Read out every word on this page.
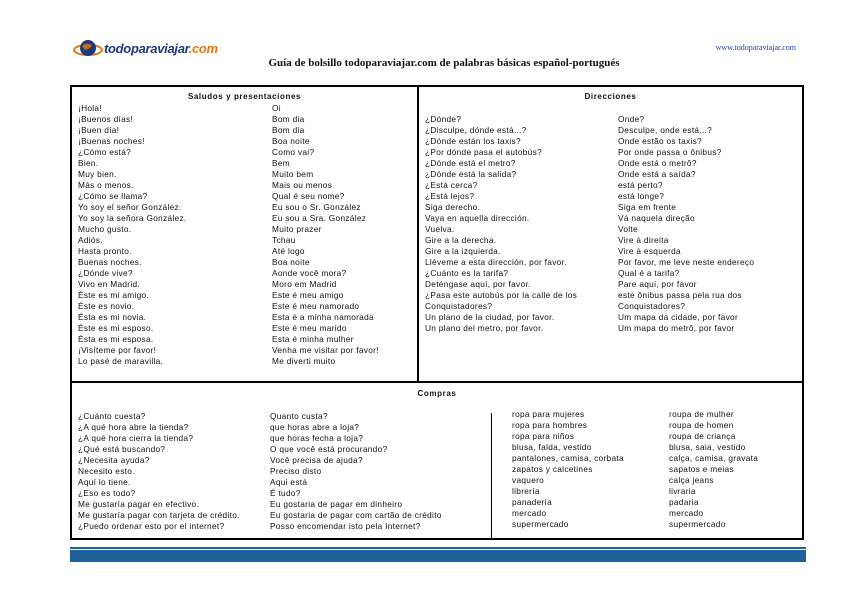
todoparaviajar.com	www.todoparaviajar.com
Guía de bolsillo todoparaviajar.com de palabras básicas español-portugués
Saludos y presentaciones	Direcciones
Compras
¡Hola!
¡Buenos días!
¡Buen día!
¡Buenas noches!
¿Cómo está?
Bien.
Muy bien.
Más o menos.
¿Cómo se llama?
Yo soy el señor González.
Yo soy la señora González.
Mucho gusto.
Adiós.
Hasta pronto.
Buenas noches.
¿Dónde vive?
Vivo en Madrid.
Éste es mi amigo.
Éste es novio.
Ésta es mi novia.
Éste es mi esposo.
Ésta es mi esposa.
¡Visíteme por favor!
Lo pasé de maravilla.
Oi
Bom dia
Bom dia
Boa noite
Como vai?
Bem
Muito bem
Mais ou menos
Qual é seu nome?
Eu sou o Sr. González
Eu sou a Sra. González
Muito prazer
Tchau
Até logo
Boa noite
Aonde você mora?
Moro em Madrid
Este é meu amigo
Este é meu namorado
Esta é a minha namorada
Este é meu marido
Esta é minha mulher
Venha me visitar por favor!
Me diverti muito
¿Dónde?
¿Disculpe, dónde está...?
¿Dónde están los taxis?
¿Por dónde pasa el autobús?
¿Dónde está el metro?
¿Dónde está la salida?
¿Está cerca?
¿Está lejos?
Siga derecho.
Vaya en aquella dirección.
Vuelva.
Gire a la derecha.
Gire a la izquierda.
Llévеme a esta dirección, por favor.
¿Cuánto es la tarifa?
Deténgase aquí, por favor.
¿Pasa este autobús por la calle de los
Conquistadores?
Un plano de la ciudad, por favor.
Un plano del metro, por favor.
Onde?
Desculpe, onde está...?
Onde estão os taxis?
Por onde passa o ônibus?
Onde está o metrô?
Onde está a saída?
está perto?
está longe?
Siga em frente
Vá naquela direção
Volte
Vire à direita
Vire à esquerda
Por favor, me leve neste endereço
Qual é a tarifa?
Pare aqui, por favor
este ônibus passa pela rua dos
Conquistadores?
Um mapa da cidade, por favor
Um mapa do metrô, por favor
¿Cuánto cuesta?
¿A qué hora abre la tienda?
¿A qué hora cierra la tienda?
¿Qué está buscando?
¿Necesita ayuda?
Necesito esto.
Aquí lo tiene.
¿Eso es todo?
Me gustaría pagar en efectivo.
Me gustaría pagar con tarjeta de crédito.
¿Puedo ordenar esto por el internet?
Quanto custa?
que horas abre a loja?
que horas fecha a loja?
O que você está procurando?
Você precisa de ajuda?
Preciso disto
Aqui está
É tudo?
Eu gostaria de pagar em dinheiro
Eu gostaria de pagar com cartão de crédito
Posso encomendar isto pela Internet?
ropa para mujeres
ropa para hombres
ropa para niños
blusa, falda, vestido
pantalones, camisa, corbata
zapatos y calcetines
vaquero
librería
panadería
mercado
supermercado
roupa de mulher
roupa de homen
roupa de criança
blusa, saia, vestido
calça, camisa, gravata
sapatos e meias
calça jeans
livraria
padaria
mercado
supermercado
